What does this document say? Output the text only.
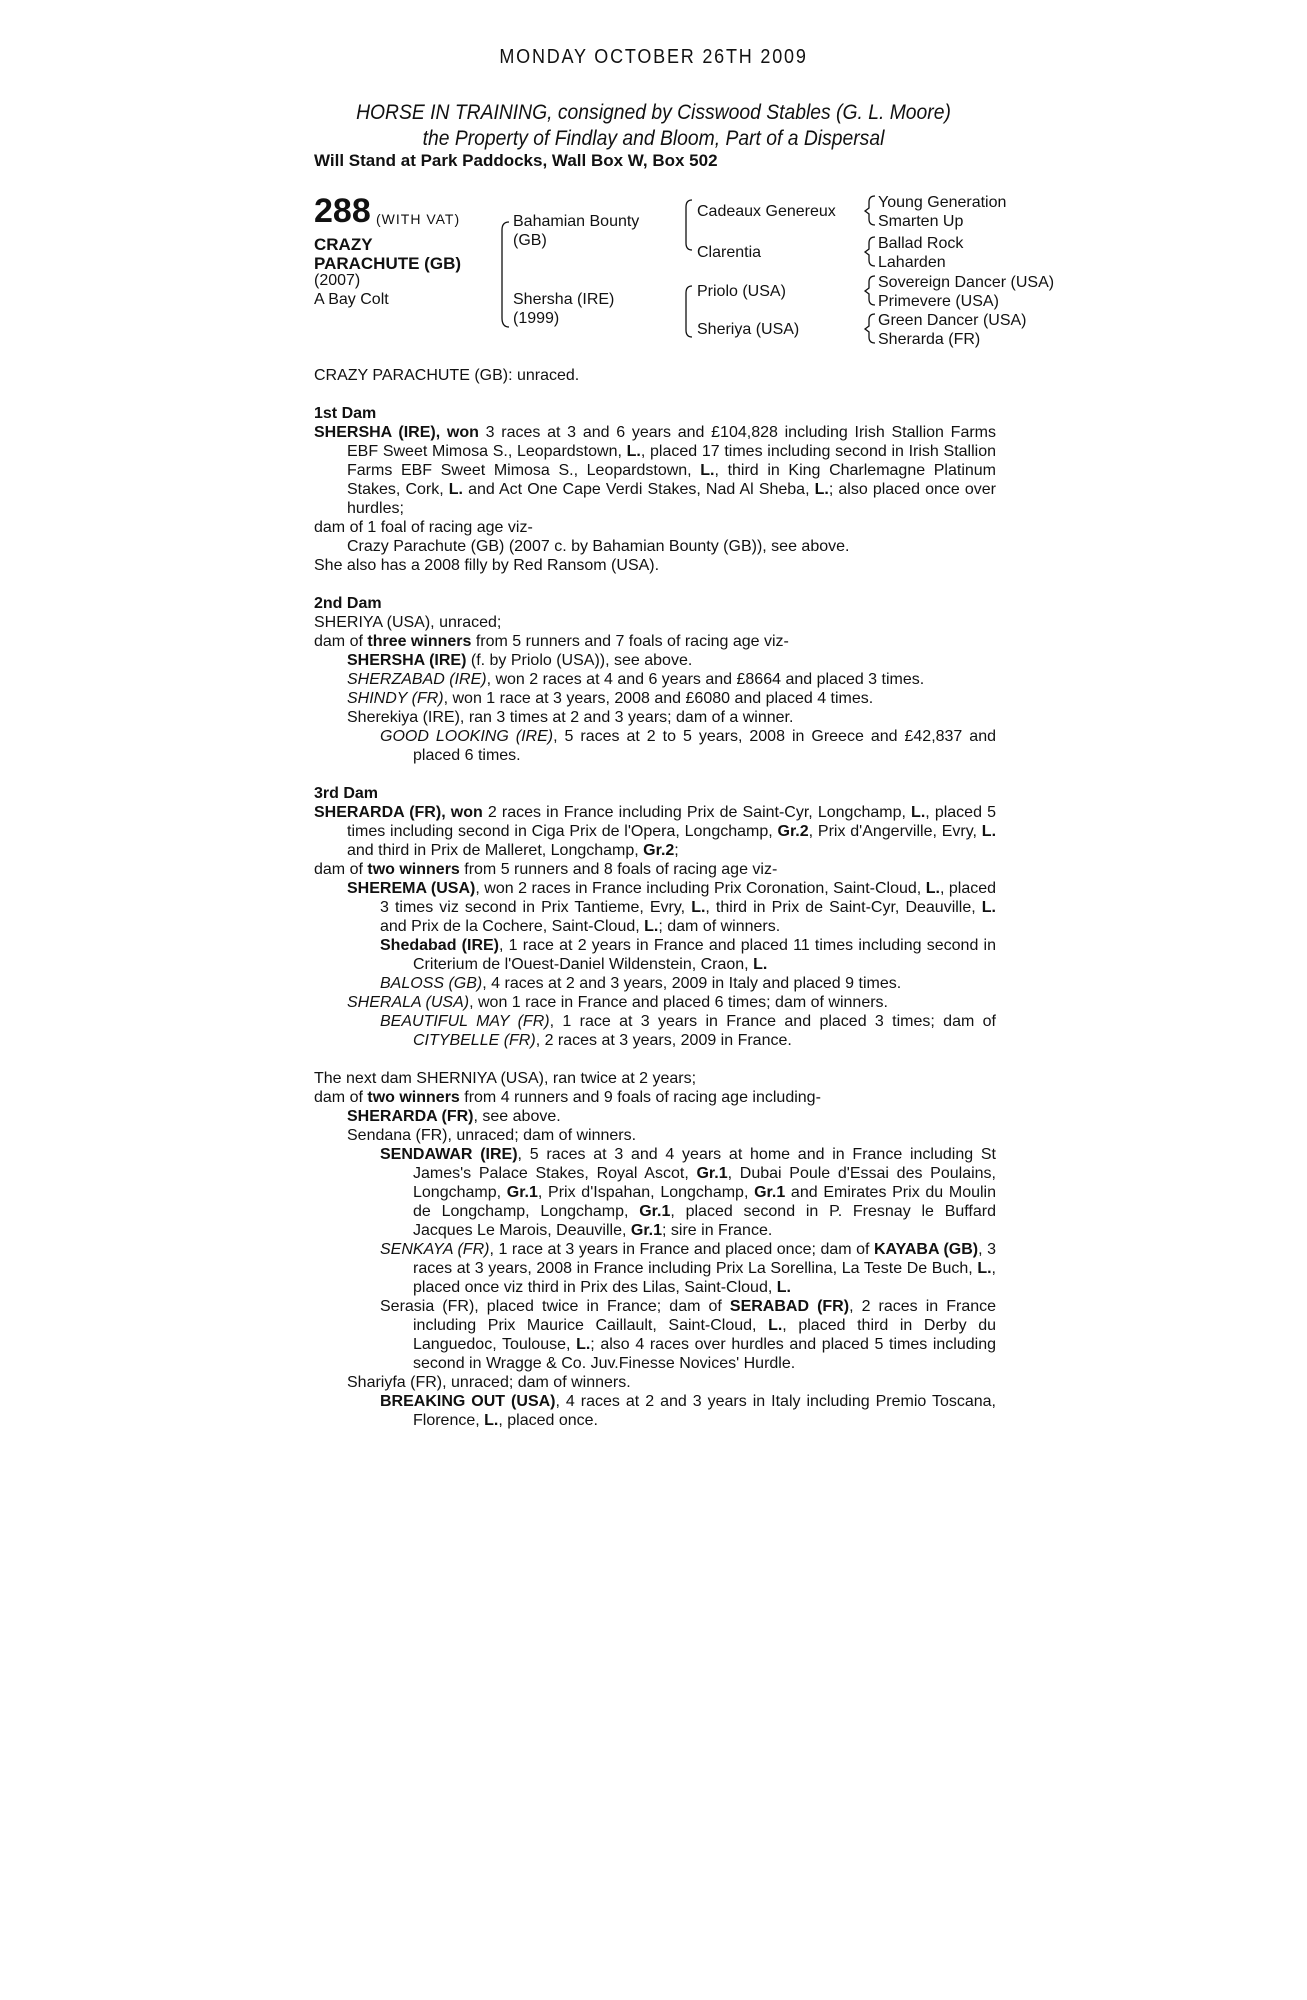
MONDAY OCTOBER 26TH 2009
HORSE IN TRAINING, consigned by Cisswood Stables (G. L. Moore)
the Property of Findlay and Bloom, Part of a Dispersal
Will Stand at Park Paddocks, Wall Box W, Box 502
288 (WITH VAT)
CRAZY
PARACHUTE (GB)
(2007)
A Bay Colt
Bahamian Bounty
(GB)
Shersha (IRE)
(1999)
Cadeaux Genereux
Clarentia
Priolo (USA)
Sheriya (USA)
Young Generation
Smarten Up
Ballad Rock
Laharden
Sovereign Dancer (USA)
Primevere (USA)
Green Dancer (USA)
Sherarda (FR)

CRAZY PARACHUTE (GB): unraced.

1st Dam

SHERSHA (IRE), won 3 races at 3 and 6 years and £104,828 including Irish Stallion Farms EBF Sweet Mimosa S., Leopardstown, L., placed 17 times including second in Irish Stallion Farms EBF Sweet Mimosa S., Leopardstown, L., third in King Charlemagne Platinum Stakes, Cork, L. and Act One Cape Verdi Stakes, Nad Al Sheba, L.; also placed once over hurdles;

dam of 1 foal of racing age viz-

Crazy Parachute (GB) (2007 c. by Bahamian Bounty (GB)), see above.

She also has a 2008 filly by Red Ransom (USA).

2nd Dam

SHERIYA (USA), unraced;

dam of three winners from 5 runners and 7 foals of racing age viz-

SHERSHA (IRE) (f. by Priolo (USA)), see above.

SHERZABAD (IRE), won 2 races at 4 and 6 years and £8664 and placed 3 times.

SHINDY (FR), won 1 race at 3 years, 2008 and £6080 and placed 4 times.

Sherekiya (IRE), ran 3 times at 2 and 3 years; dam of a winner.

GOOD LOOKING (IRE), 5 races at 2 to 5 years, 2008 in Greece and £42,837 and placed 6 times.

3rd Dam

SHERARDA (FR), won 2 races in France including Prix de Saint-Cyr, Longchamp, L., placed 5 times including second in Ciga Prix de l'Opera, Longchamp, Gr.2, Prix d'Angerville, Evry, L. and third in Prix de Malleret, Longchamp, Gr.2;

dam of two winners from 5 runners and 8 foals of racing age viz-

SHEREMA (USA), won 2 races in France including Prix Coronation, Saint-Cloud, L., placed 3 times viz second in Prix Tantieme, Evry, L., third in Prix de Saint-Cyr, Deauville, L. and Prix de la Cochere, Saint-Cloud, L.; dam of winners.

Shedabad (IRE), 1 race at 2 years in France and placed 11 times including second in Criterium de l'Ouest-Daniel Wildenstein, Craon, L.

BALOSS (GB), 4 races at 2 and 3 years, 2009 in Italy and placed 9 times.

SHERALA (USA), won 1 race in France and placed 6 times; dam of winners.

BEAUTIFUL MAY (FR), 1 race at 3 years in France and placed 3 times; dam of CITYBELLE (FR), 2 races at 3 years, 2009 in France.

The next dam SHERNIYA (USA), ran twice at 2 years;

dam of two winners from 4 runners and 9 foals of racing age including-

SHERARDA (FR), see above.

Sendana (FR), unraced; dam of winners.

SENDAWAR (IRE), 5 races at 3 and 4 years at home and in France including St James's Palace Stakes, Royal Ascot, Gr.1, Dubai Poule d'Essai des Poulains, Longchamp, Gr.1, Prix d'Ispahan, Longchamp, Gr.1 and Emirates Prix du Moulin de Longchamp, Longchamp, Gr.1, placed second in P. Fresnay le Buffard Jacques Le Marois, Deauville, Gr.1; sire in France.

SENKAYA (FR), 1 race at 3 years in France and placed once; dam of KAYABA (GB), 3 races at 3 years, 2008 in France including Prix La Sorellina, La Teste De Buch, L., placed once viz third in Prix des Lilas, Saint-Cloud, L.

Serasia (FR), placed twice in France; dam of SERABAD (FR), 2 races in France including Prix Maurice Caillault, Saint-Cloud, L., placed third in Derby du Languedoc, Toulouse, L.; also 4 races over hurdles and placed 5 times including second in Wragge & Co. Juv.Finesse Novices' Hurdle.

Shariyfa (FR), unraced; dam of winners.

BREAKING OUT (USA), 4 races at 2 and 3 years in Italy including Premio Toscana, Florence, L., placed once.
